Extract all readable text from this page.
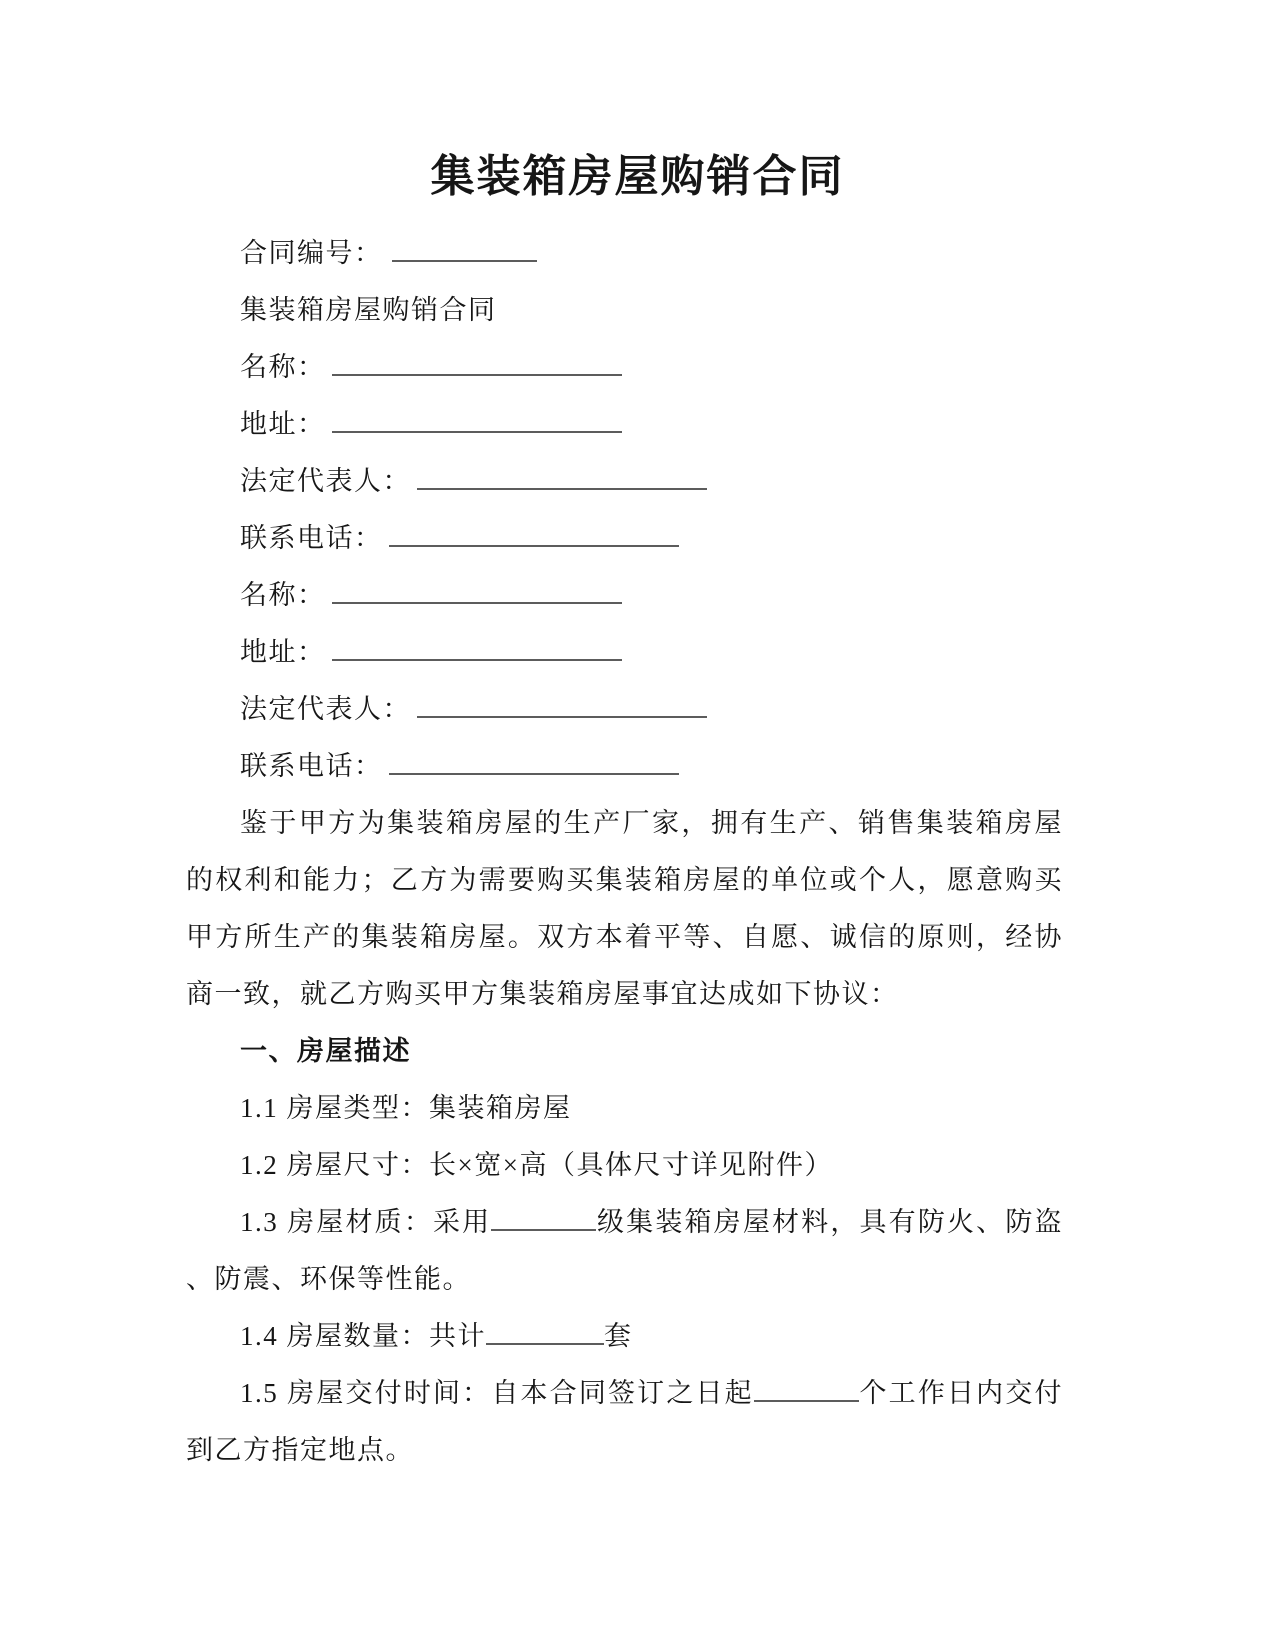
集装箱房屋购销合同

合同编号：

集装箱房屋购销合同

名称：

地址：

法定代表人：

联系电话：

名称：

地址：

法定代表人：

联系电话：

鉴于甲方为集装箱房屋的生产厂家，拥有生产、销售集装箱房屋的权利和能力；乙方为需要购买集装箱房屋的单位或个人，愿意购买甲方所生产的集装箱房屋。双方本着平等、自愿、诚信的原则，经协商一致，就乙方购买甲方集装箱房屋事宜达成如下协议：

一、房屋描述

1.1 房屋类型：集装箱房屋

1.2 房屋尺寸：长×宽×高（具体尺寸详见附件）

1.3 房屋材质：采用	级集装箱房屋材料，具有防火、防盗、防震、环保等性能。

1.4 房屋数量：共计	套

1.5 房屋交付时间：自本合同签订之日起	个工作日内交付到乙方指定地点。
